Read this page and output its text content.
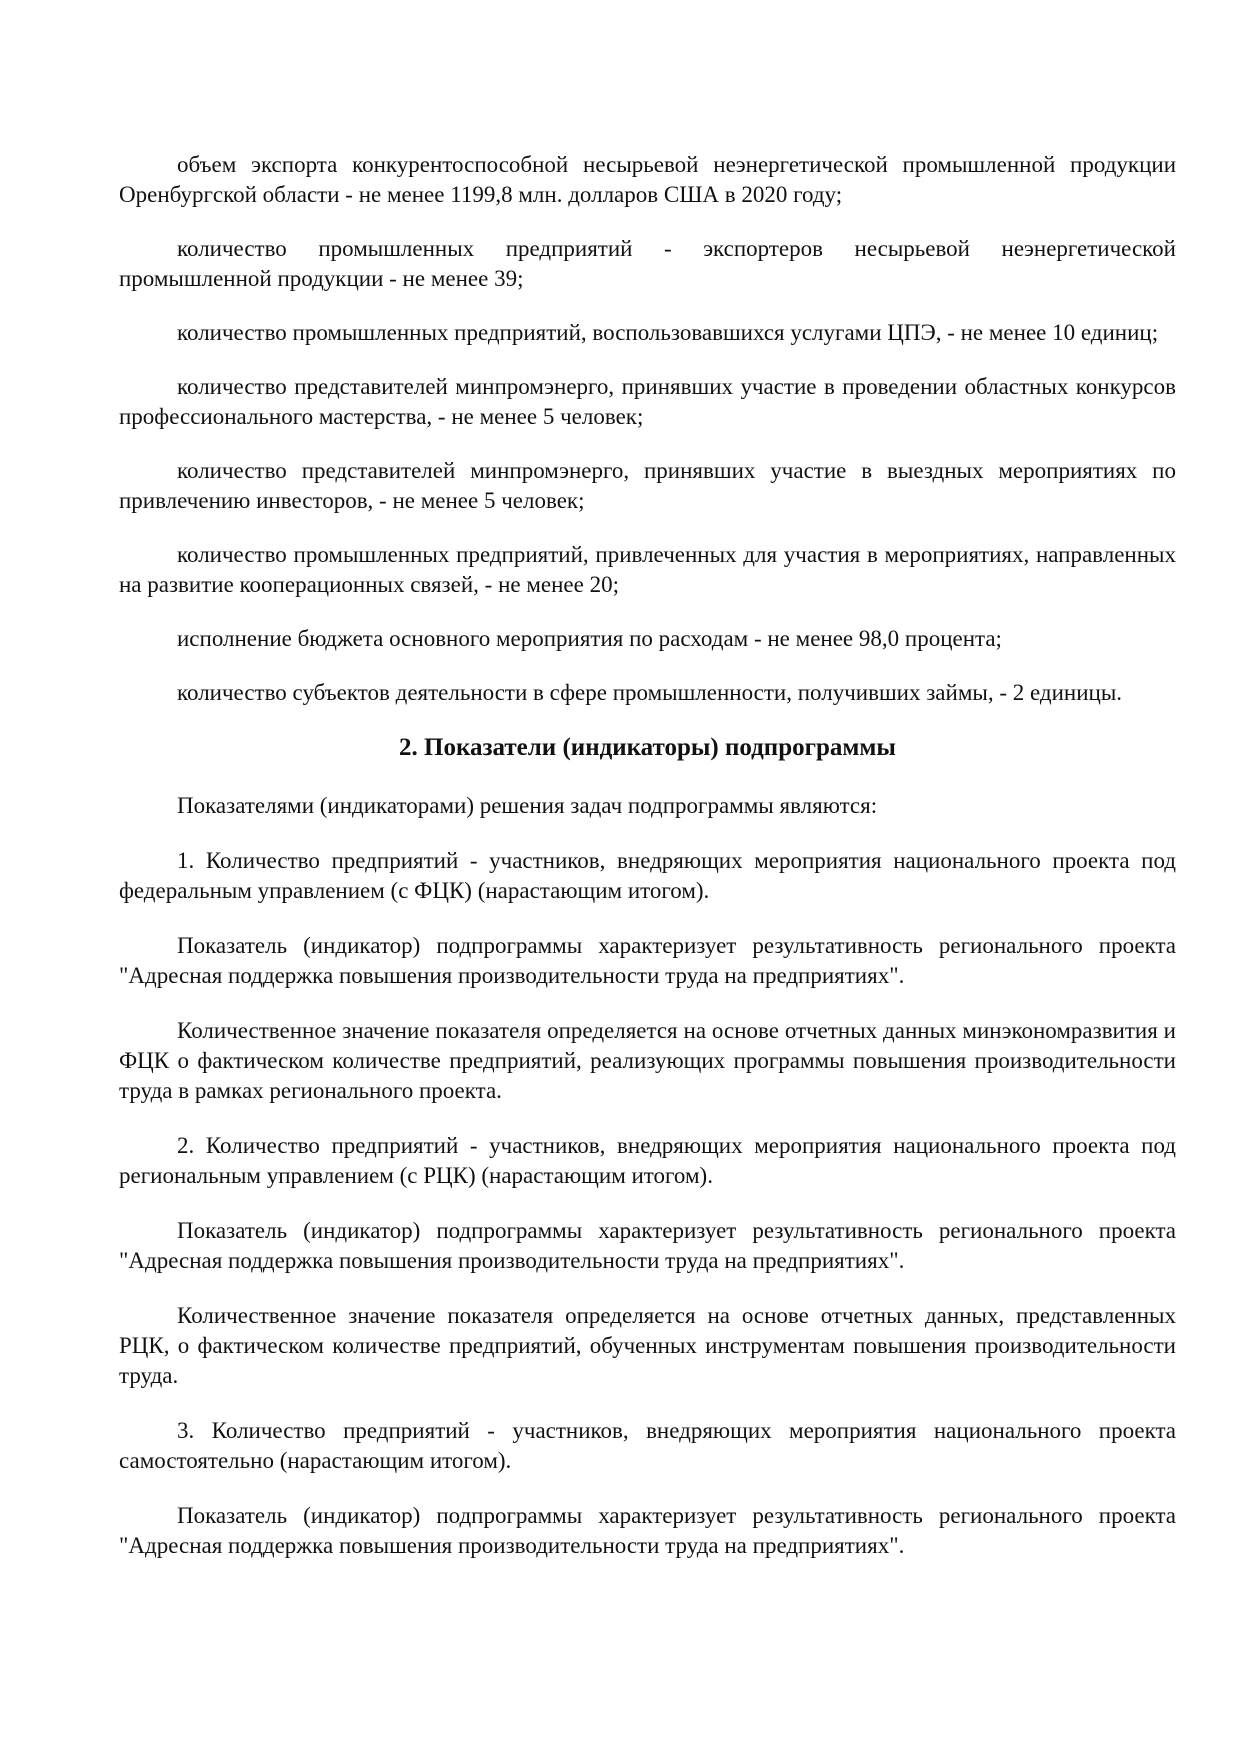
объем экспорта конкурентоспособной несырьевой неэнергетической промышленной продукции Оренбургской области - не менее 1199,8 млн. долларов США в 2020 году;

количество промышленных предприятий - экспортеров несырьевой неэнергетической промышленной продукции - не менее 39;

количество промышленных предприятий, воспользовавшихся услугами ЦПЭ, - не менее 10 единиц;

количество представителей минпромэнерго, принявших участие в проведении областных конкурсов профессионального мастерства, - не менее 5 человек;

количество представителей минпромэнерго, принявших участие в выездных мероприятиях по привлечению инвесторов, - не менее 5 человек;

количество промышленных предприятий, привлеченных для участия в мероприятиях, направленных на развитие кооперационных связей, - не менее 20;

исполнение бюджета основного мероприятия по расходам - не менее 98,0 процента;

количество субъектов деятельности в сфере промышленности, получивших займы, - 2 единицы.

2. Показатели (индикаторы) подпрограммы

Показателями (индикаторами) решения задач подпрограммы являются:

1. Количество предприятий - участников, внедряющих мероприятия национального проекта под федеральным управлением (с ФЦК) (нарастающим итогом).

Показатель (индикатор) подпрограммы характеризует результативность регионального проекта "Адресная поддержка повышения производительности труда на предприятиях".

Количественное значение показателя определяется на основе отчетных данных минэкономразвития и ФЦК о фактическом количестве предприятий, реализующих программы повышения производительности труда в рамках регионального проекта.

2. Количество предприятий - участников, внедряющих мероприятия национального проекта под региональным управлением (с РЦК) (нарастающим итогом).

Показатель (индикатор) подпрограммы характеризует результативность регионального проекта "Адресная поддержка повышения производительности труда на предприятиях".

Количественное значение показателя определяется на основе отчетных данных, представленных РЦК, о фактическом количестве предприятий, обученных инструментам повышения производительности труда.

3. Количество предприятий - участников, внедряющих мероприятия национального проекта самостоятельно (нарастающим итогом).

Показатель (индикатор) подпрограммы характеризует результативность регионального проекта "Адресная поддержка повышения производительности труда на предприятиях".
